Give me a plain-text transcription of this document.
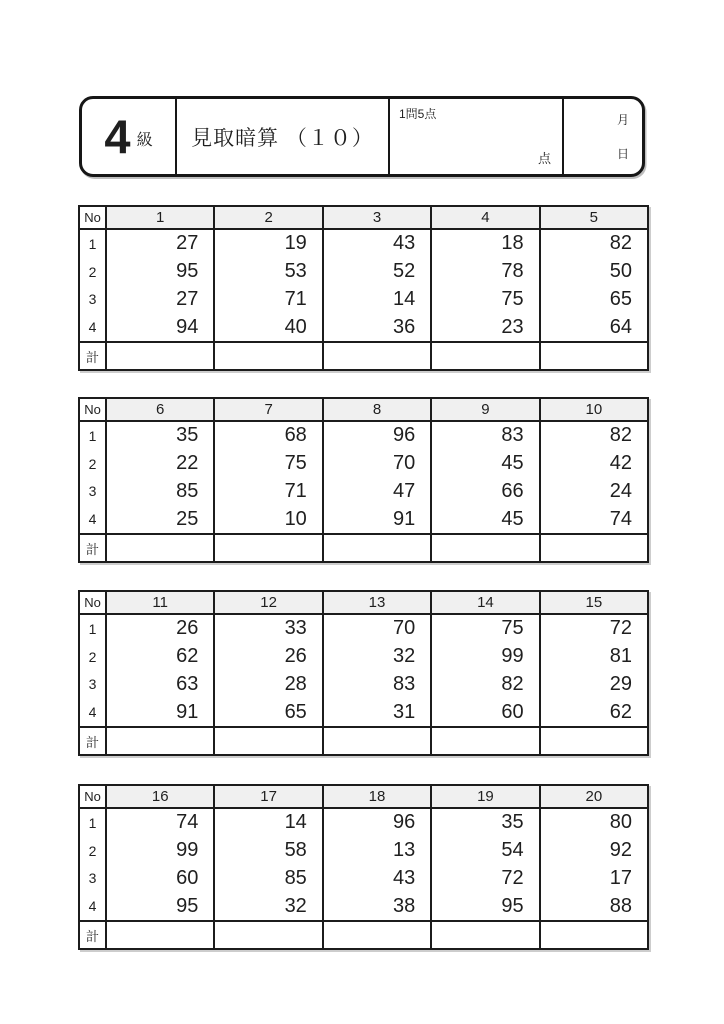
4 級	見取暗算 （１０）
1問5点
点
月
日
No	1	2	3	4	5
1	27	19	43	18	82
2	95	53	52	78	50
3	27	71	14	75	65
4	94	40	36	23	64
計
No	6	7	8	9	10
1	35	68	96	83	82
2	22	75	70	45	42
3	85	71	47	66	24
4	25	10	91	45	74
計
No	11	12	13	14	15
1	26	33	70	75	72
2	62	26	32	99	81
3	63	28	83	82	29
4	91	65	31	60	62
計
No	16	17	18	19	20
1	74	14	96	35	80
2	99	58	13	54	92
3	60	85	43	72	17
4	95	32	38	95	88
計
